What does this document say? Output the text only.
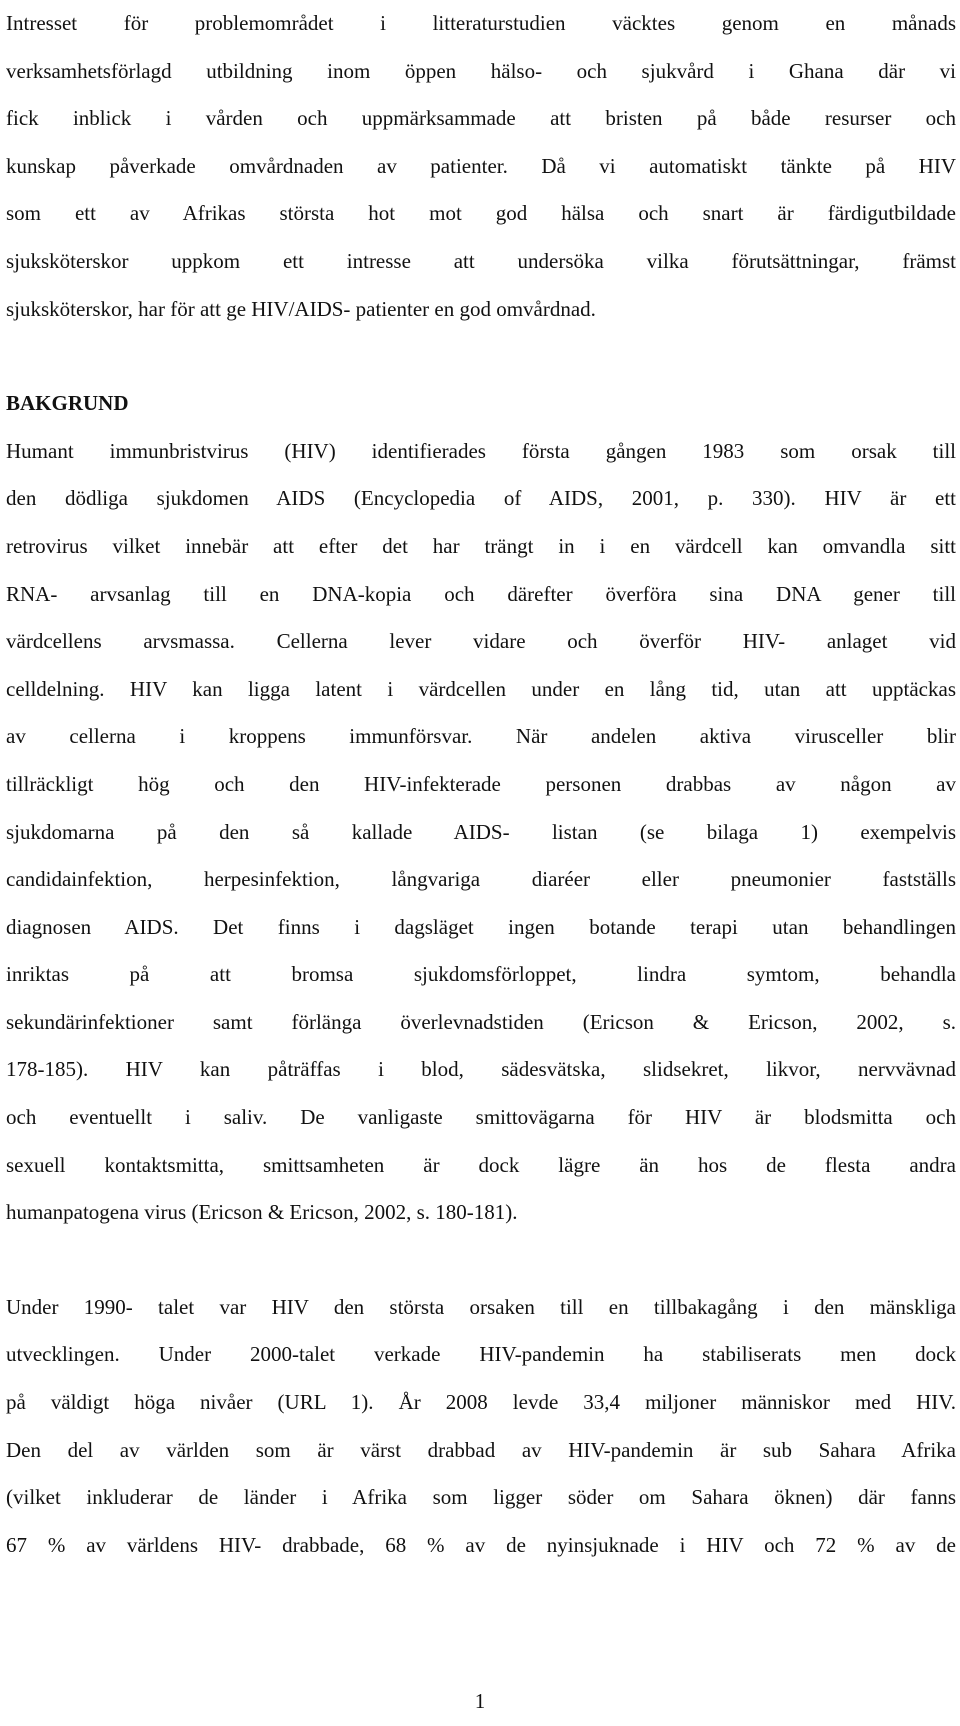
Intresset för problemområdet i litteraturstudien väcktes genom en månads
verksamhetsförlagd utbildning inom öppen hälso- och sjukvård i Ghana där vi
fick inblick i vården och uppmärksammade att bristen på både resurser och
kunskap påverkade omvårdnaden av patienter. Då vi automatiskt tänkte på HIV
som ett av Afrikas största hot mot god hälsa och snart är färdigutbildade
sjuksköterskor uppkom ett intresse att undersöka vilka förutsättningar, främst
sjuksköterskor, har för att ge HIV/AIDS- patienter en god omvårdnad.
BAKGRUND
Humant immunbristvirus (HIV) identifierades första gången 1983 som orsak till
den dödliga sjukdomen AIDS (Encyclopedia of AIDS, 2001, p. 330). HIV är ett
retrovirus vilket innebär att efter det har trängt in i en värdcell kan omvandla sitt
RNA- arvsanlag till en DNA-kopia och därefter överföra sina DNA gener till
värdcellens arvsmassa. Cellerna lever vidare och överför HIV- anlaget vid
celldelning. HIV kan ligga latent i värdcellen under en lång tid, utan att upptäckas
av cellerna i kroppens immunförsvar. När andelen aktiva virusceller blir
tillräckligt hög och den HIV-infekterade personen drabbas av någon av
sjukdomarna på den så kallade AIDS- listan (se bilaga 1) exempelvis
candidainfektion, herpesinfektion, långvariga diaréer eller pneumonier fastställs
diagnosen AIDS. Det finns i dagsläget ingen botande terapi utan behandlingen
inriktas på att bromsa sjukdomsförloppet, lindra symtom, behandla
sekundärinfektioner samt förlänga överlevnadstiden (Ericson & Ericson, 2002, s.
178-185). HIV kan påträffas i blod, sädesvätska, slidsekret, likvor, nervvävnad
och eventuellt i saliv. De vanligaste smittovägarna för HIV är blodsmitta och
sexuell kontaktsmitta, smittsamheten är dock lägre än hos de flesta andra
humanpatogena virus (Ericson & Ericson, 2002, s. 180-181).
Under 1990- talet var HIV den största orsaken till en tillbakagång i den mänskliga
utvecklingen. Under 2000-talet verkade HIV-pandemin ha stabiliserats men dock
på väldigt höga nivåer (URL 1). År 2008 levde 33,4 miljoner människor med HIV.
Den del av världen som är värst drabbad av HIV-pandemin är sub Sahara Afrika
(vilket inkluderar de länder i Afrika som ligger söder om Sahara öknen) där fanns
67 % av världens HIV- drabbade, 68 % av de nyinsjuknade i HIV och 72 % av de
1
